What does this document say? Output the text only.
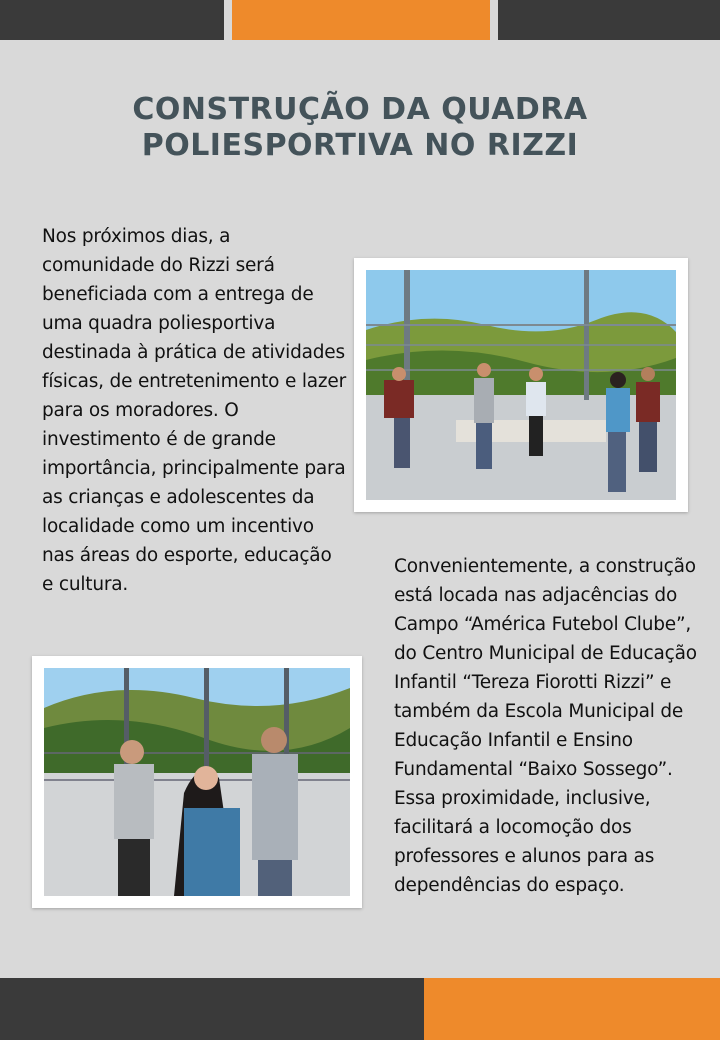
CONSTRUÇÃO DA QUADRA
POLIESPORTIVA NO RIZZI

Nos próximos dias, a comunidade do Rizzi será beneficiada com a entrega de uma quadra poliesportiva destinada à prática de atividades físicas, de entretenimento e lazer para os moradores. O investimento é de grande importância, principalmente para as crianças e adolescentes da localidade como um incentivo nas áreas do esporte, educação e cultura.

Convenientemente, a construção está locada nas adjacências do Campo “América Futebol Clube”, do Centro Municipal de Educação Infantil “Tereza Fiorotti Rizzi” e também da Escola Municipal de Educação Infantil e Ensino Fundamental “Baixo Sossego”. Essa proximidade, inclusive, facilitará a locomoção dos professores e alunos para as dependências do espaço.
